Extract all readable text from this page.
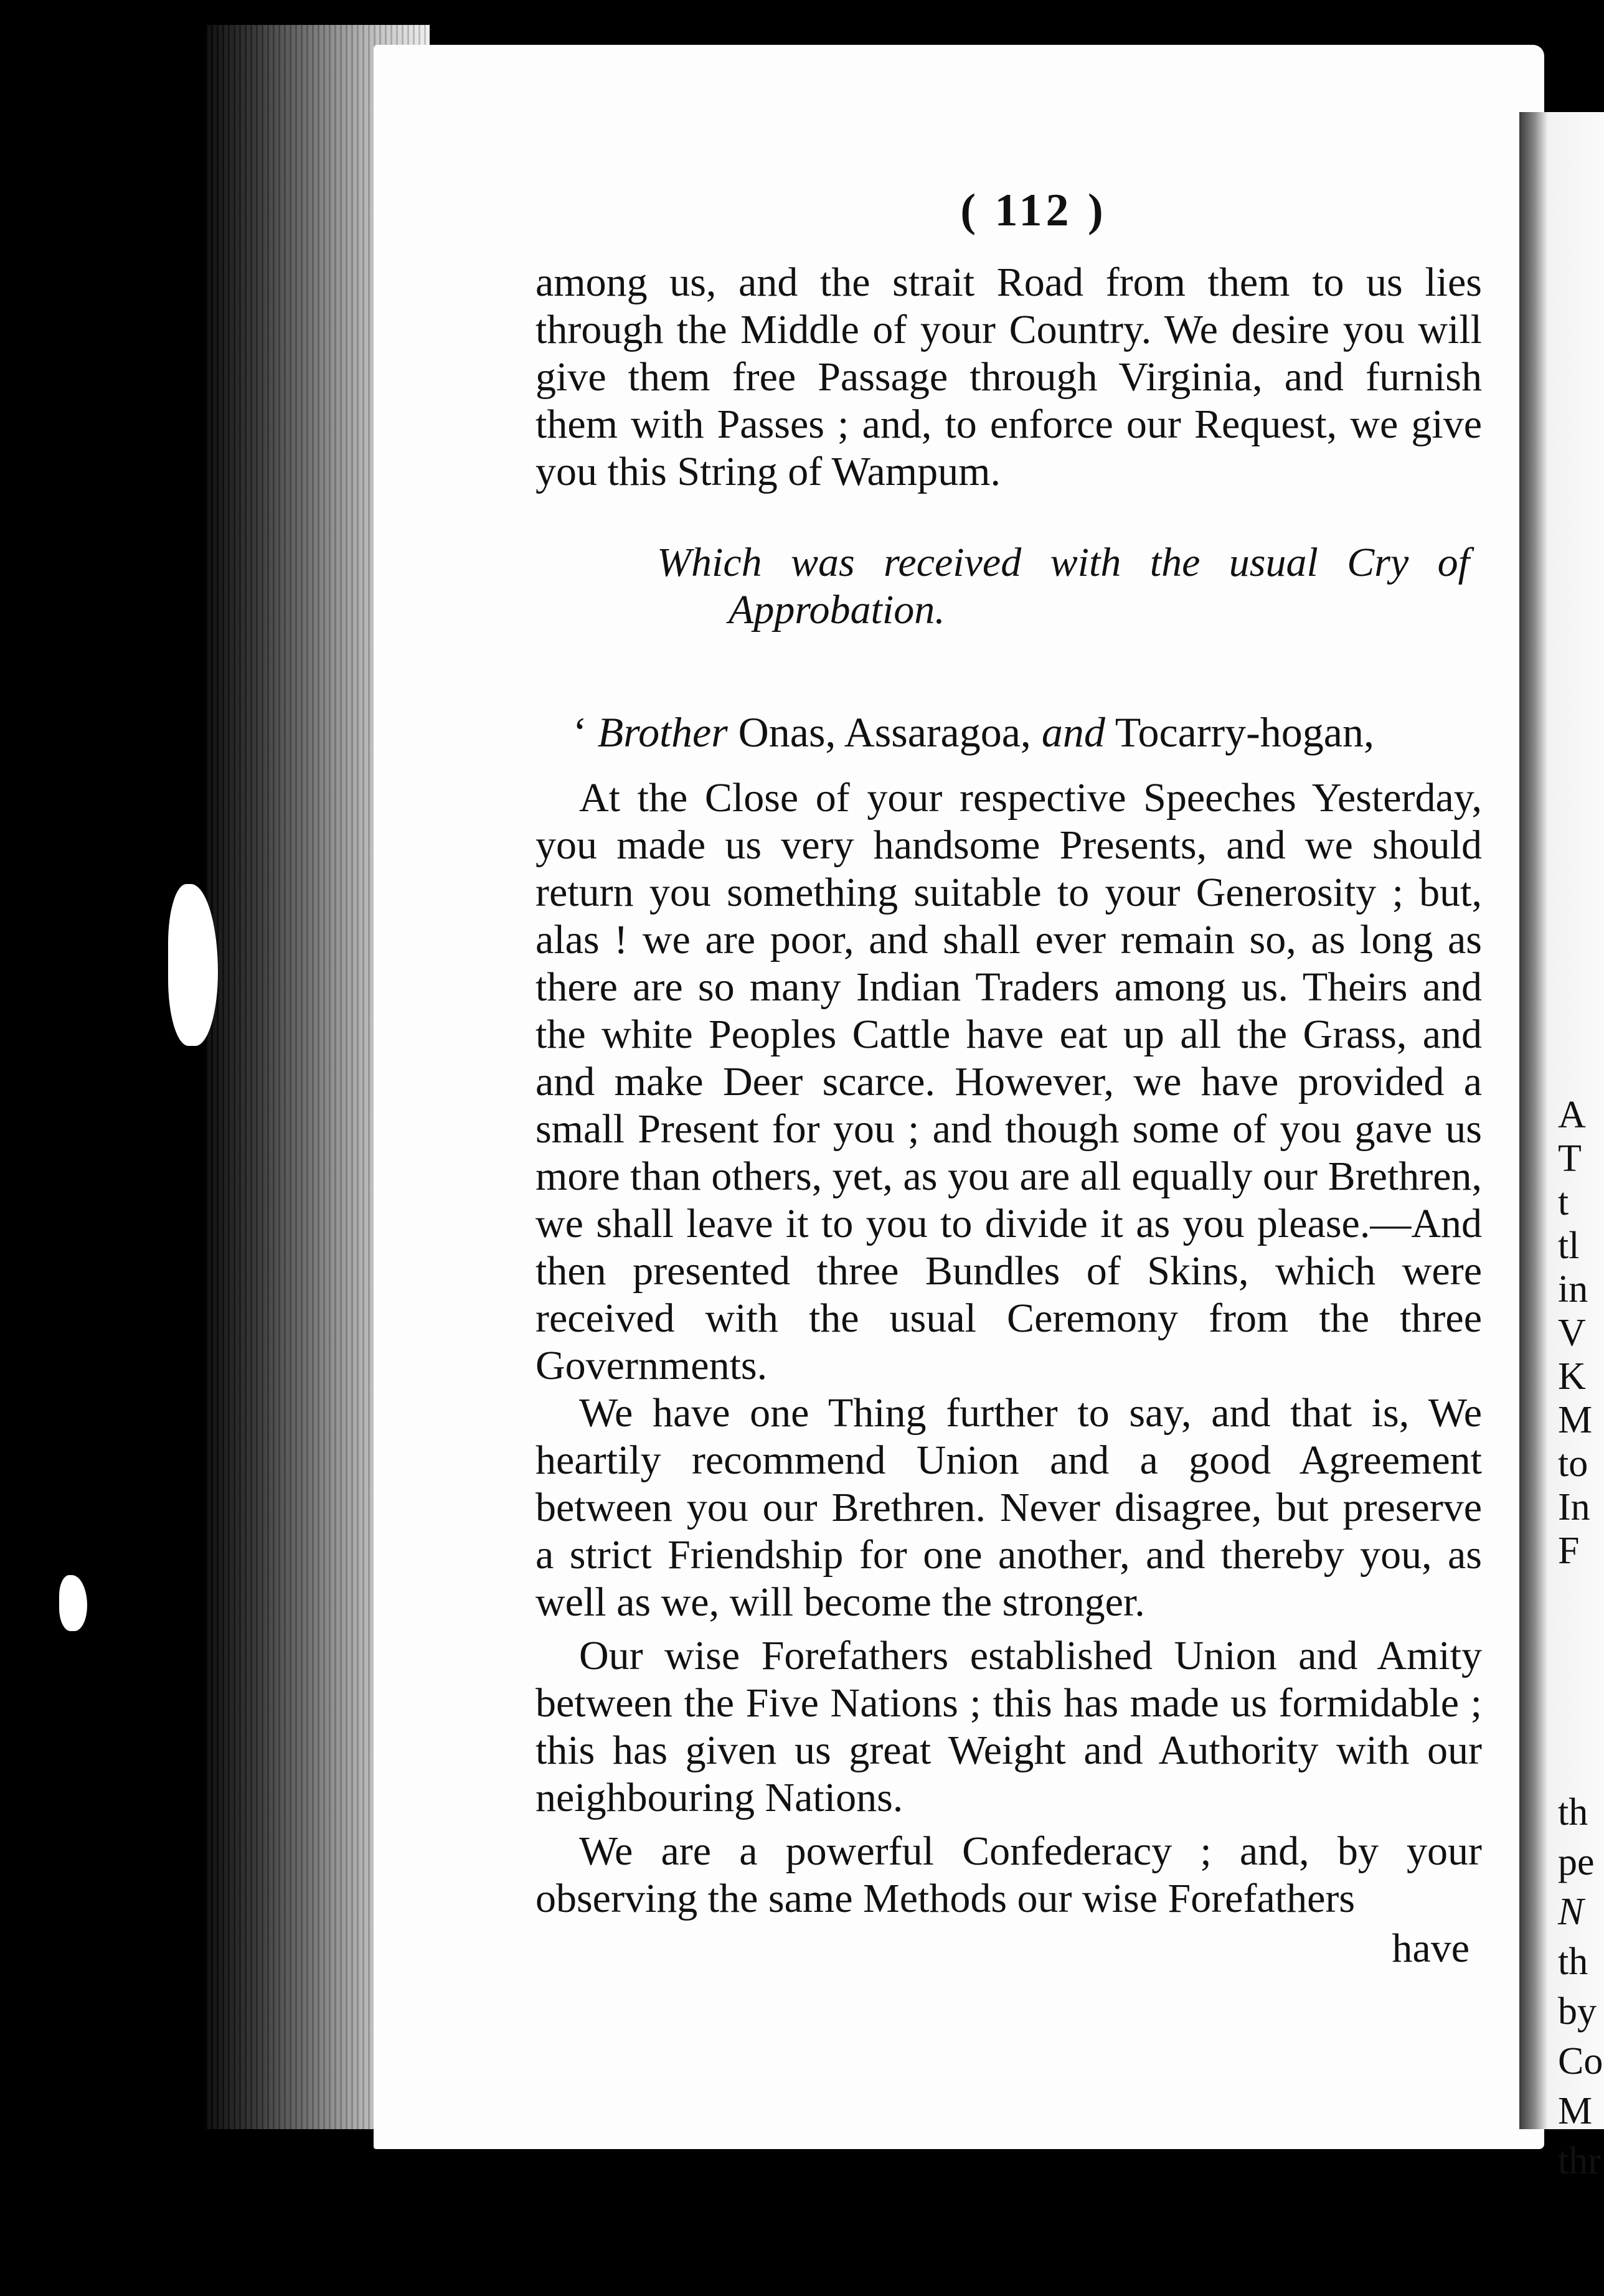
A
T
t
tl
in
V
K
M
to
In
F
th
pe
N
th
by
Co
M
thr
( 112 )

among us, and the strait Road from them to us lies through the Middle of your Country. We desire you will give them free Passage through Virginia, and furnish them with Passes ; and, to enforce our Request, we give you this String of Wampum.

Which was received with the usual Cry of Approbation.

‘ Brother Onas, Assaragoa, and Tocarry-hogan,

At the Close of your respective Speeches Yesterday, you made us very handsome Presents, and we should return you something suitable to your Generosity ; but, alas ! we are poor, and shall ever remain so, as long as there are so many Indian Traders among us. Theirs and the white Peoples Cattle have eat up all the Grass, and and make Deer scarce. However, we have provided a small Present for you ; and though some of you gave us more than others, yet, as you are all equally our Brethren, we shall leave it to you to divide it as you please.—And then presented three Bundles of Skins, which were received with the usual Ceremony from the three Governments.

We have one Thing further to say, and that is, We heartily recommend Union and a good Agreement between you our Brethren. Never disagree, but preserve a strict Friendship for one another, and thereby you, as well as we, will become the stronger.

Our wise Forefathers established Union and Amity between the Five Nations ; this has made us formidable ; this has given us great Weight and Authority with our neighbouring Nations.

We are a powerful Confederacy ; and, by your observing the same Methods our wise Forefathers

have
